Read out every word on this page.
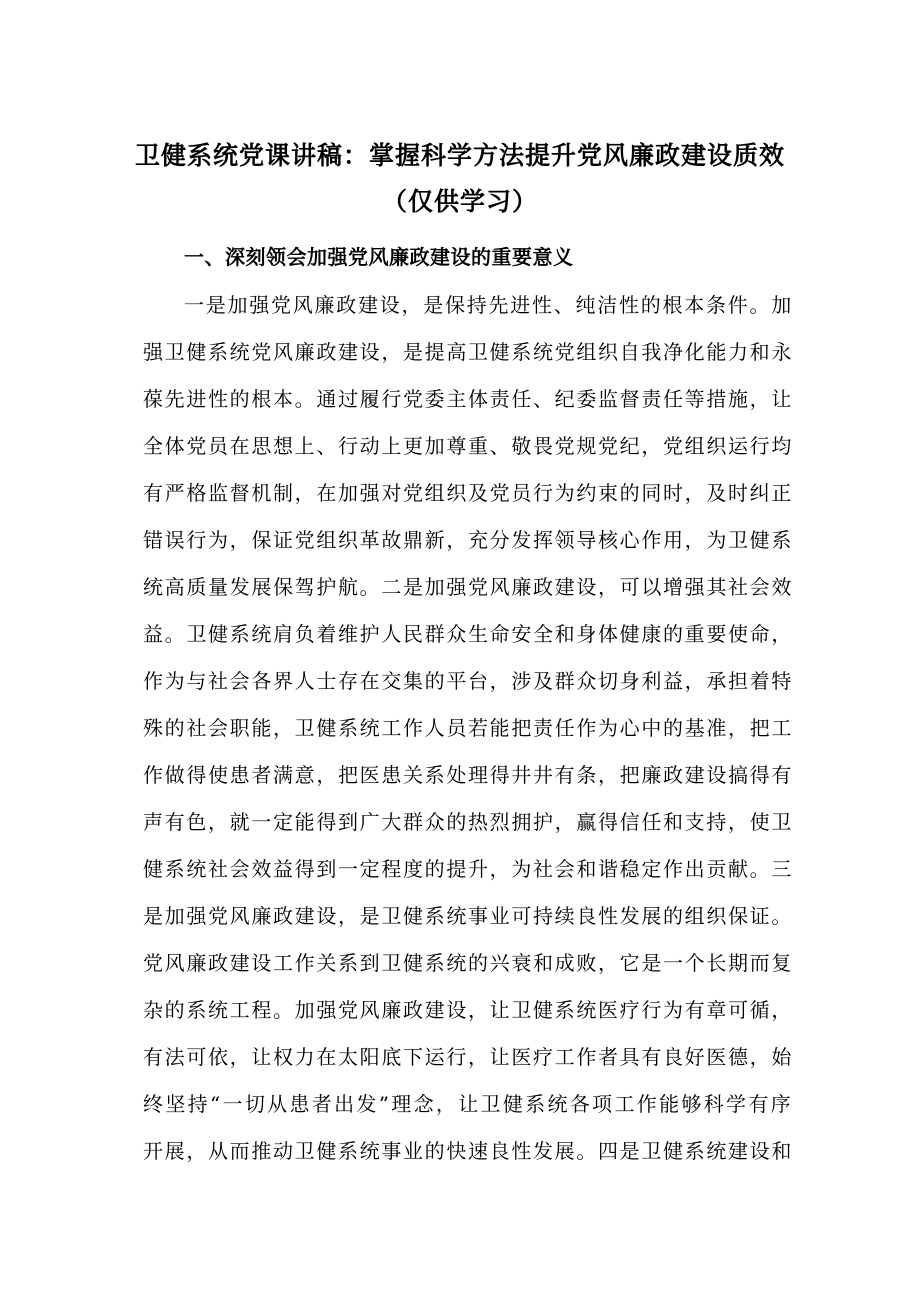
卫健系统党课讲稿：掌握科学方法提升党风廉政建设质效
（仅供学习）
一、深刻领会加强党风廉政建设的重要意义
一是加强党风廉政建设，是保持先进性、纯洁性的根本条件。加
强卫健系统党风廉政建设，是提高卫健系统党组织自我净化能力和永
葆先进性的根本。通过履行党委主体责任、纪委监督责任等措施，让
全体党员在思想上、行动上更加尊重、敬畏党规党纪，党组织运行均
有严格监督机制，在加强对党组织及党员行为约束的同时，及时纠正
错误行为，保证党组织革故鼎新，充分发挥领导核心作用，为卫健系
统高质量发展保驾护航。二是加强党风廉政建设，可以增强其社会效
益。卫健系统肩负着维护人民群众生命安全和身体健康的重要使命，
作为与社会各界人士存在交集的平台，涉及群众切身利益，承担着特
殊的社会职能，卫健系统工作人员若能把责任作为心中的基准，把工
作做得使患者满意，把医患关系处理得井井有条，把廉政建设搞得有
声有色，就一定能得到广大群众的热烈拥护，赢得信任和支持，使卫
健系统社会效益得到一定程度的提升，为社会和谐稳定作出贡献。三
是加强党风廉政建设，是卫健系统事业可持续良性发展的组织保证。
党风廉政建设工作关系到卫健系统的兴衰和成败，它是一个长期而复
杂的系统工程。加强党风廉政建设，让卫健系统医疗行为有章可循，
有法可依，让权力在太阳底下运行，让医疗工作者具有良好医德，始
终坚持“一切从患者出发”理念，让卫健系统各项工作能够科学有序
开展，从而推动卫健系统事业的快速良性发展。四是卫健系统建设和
